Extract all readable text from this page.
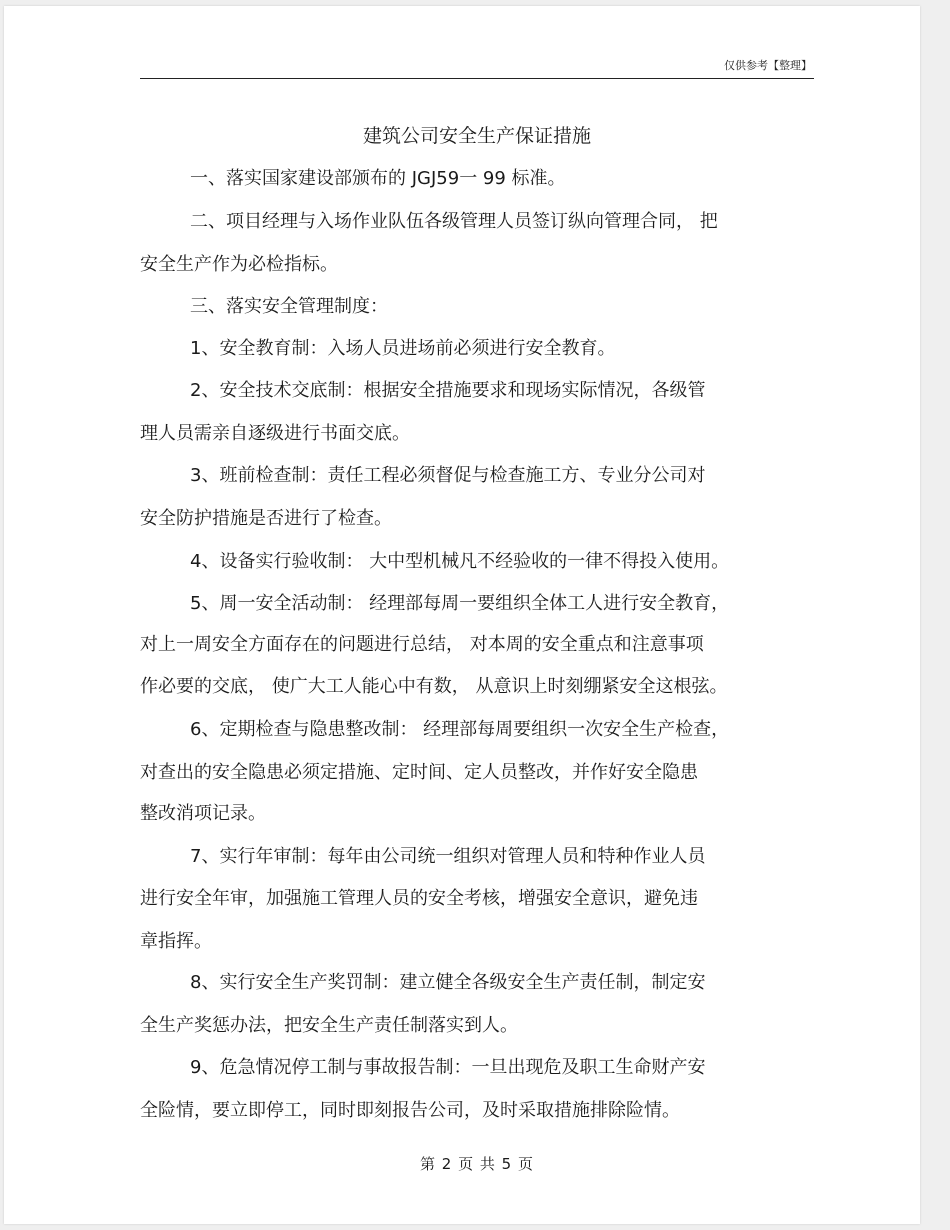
仅供参考【整理】
建筑公司安全生产保证措施
一、落实国家建设部颁布的 JGJ59一 99 标准。
二、项目经理与入场作业队伍各级管理人员签订纵向管理合同， 把
安全生产作为必检指标。
三、落实安全管理制度：
1、安全教育制：入场人员进场前必须进行安全教育。
2、安全技术交底制：根据安全措施要求和现场实际情况，各级管
理人员需亲自逐级进行书面交底。
3、班前检查制：责任工程必须督促与检查施工方、专业分公司对
安全防护措施是否进行了检查。
4、设备实行验收制： 大中型机械凡不经验收的一律不得投入使用。
5、周一安全活动制： 经理部每周一要组织全体工人进行安全教育，
对上一周安全方面存在的问题进行总结， 对本周的安全重点和注意事项
作必要的交底， 使广大工人能心中有数， 从意识上时刻绷紧安全这根弦。
6、定期检查与隐患整改制： 经理部每周要组织一次安全生产检查，
对查出的安全隐患必须定措施、定时间、定人员整改，并作好安全隐患
整改消项记录。
7、实行年审制：每年由公司统一组织对管理人员和特种作业人员
进行安全年审，加强施工管理人员的安全考核，增强安全意识，避免违
章指挥。
8、实行安全生产奖罚制：建立健全各级安全生产责任制，制定安
全生产奖惩办法，把安全生产责任制落实到人。
9、危急情况停工制与事故报告制：一旦出现危及职工生命财产安
全险情，要立即停工，同时即刻报告公司，及时采取措施排除险情。
第 2 页 共 5 页
